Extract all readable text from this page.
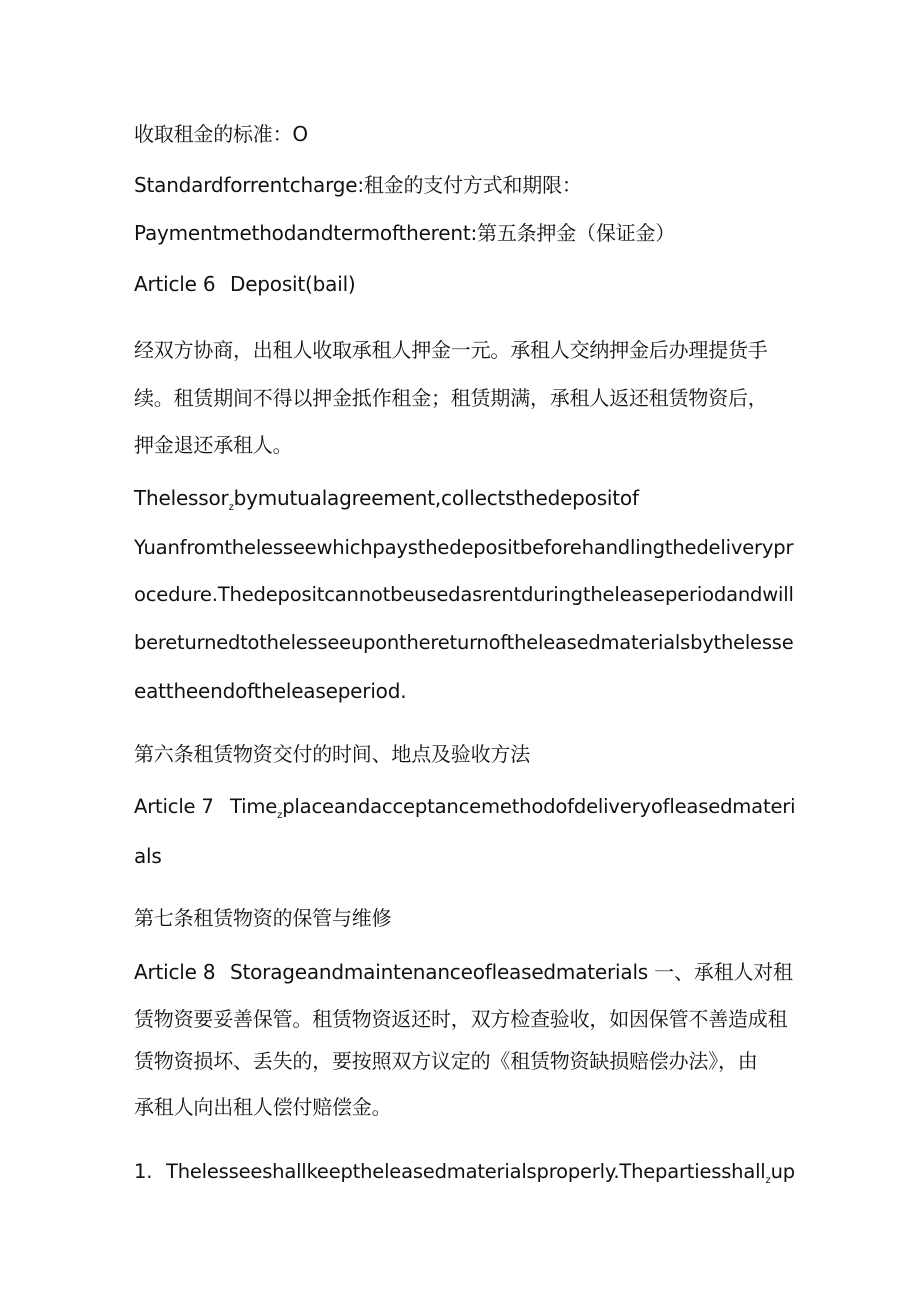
收取租金的标准：O
Standardforrentcharge:租金的支付方式和期限：
Paymentmethodandtermoftherent:第五条押金（保证金）
Article 6 Deposit(bail)
经双方协商，出租人收取承租人押金一元。承租人交纳押金后办理提货手
续。租赁期间不得以押金抵作租金；租赁期满，承租人返还租赁物资后，
押金退还承租人。
Thelessor$_z$bymutualagreement,collectsthedepositof
Yuanfromthelesseewhichpaysthedepositbeforehandlingthedeliverypr
ocedure.Thedepositcannotbeusedasrentduringtheleaseperiodandwill
bereturnedtothelesseeuponthereturnoftheleasedmaterialsbythelesse
eattheendoftheleaseperiod.
第六条租赁物资交付的时间、地点及验收方法
Article 7 Time$_z$placeandacceptancemethodofdeliveryofleasedmateri
als
第七条租赁物资的保管与维修
Article 8 Storageandmaintenanceofleasedmaterials 一、承租人对租
赁物资要妥善保管。租赁物资返还时，双方检查验收，如因保管不善造成租
赁物资损坏、丢失的，要按照双方议定的《租赁物资缺损赔偿办法》，由
承租人向出租人偿付赔偿金。
1. Thelesseeshallkeeptheleasedmaterialsproperly.Thepartiesshall$_z$up
